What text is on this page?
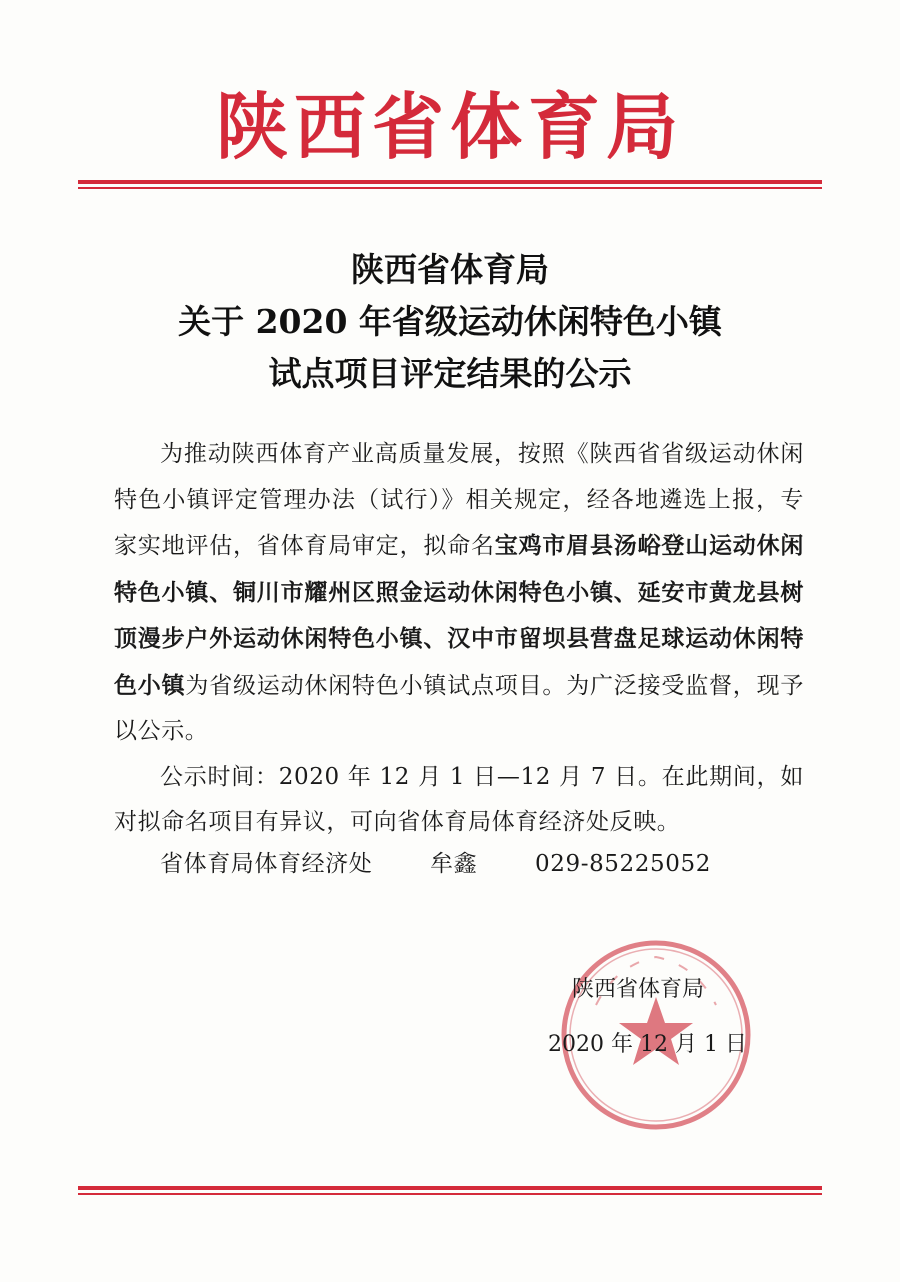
陕西省体育局
陕西省体育局
关于 2020 年省级运动休闲特色小镇
试点项目评定结果的公示

为推动陕西体育产业高质量发展，按照《陕西省省级运动休闲特色小镇评定管理办法（试行）》相关规定，经各地遴选上报，专家实地评估，省体育局审定，拟命名宝鸡市眉县汤峪登山运动休闲特色小镇、铜川市耀州区照金运动休闲特色小镇、延安市黄龙县树顶漫步户外运动休闲特色小镇、汉中市留坝县营盘足球运动休闲特色小镇为省级运动休闲特色小镇试点项目。为广泛接受监督，现予以公示。

公示时间：2020 年 12 月 1 日—12 月 7 日。在此期间，如对拟命名项目有异议，可向省体育局体育经济处反映。

省体育局体育经济处	牟鑫	029-85225052
陕西省体育局
2020 年 12 月 1 日
